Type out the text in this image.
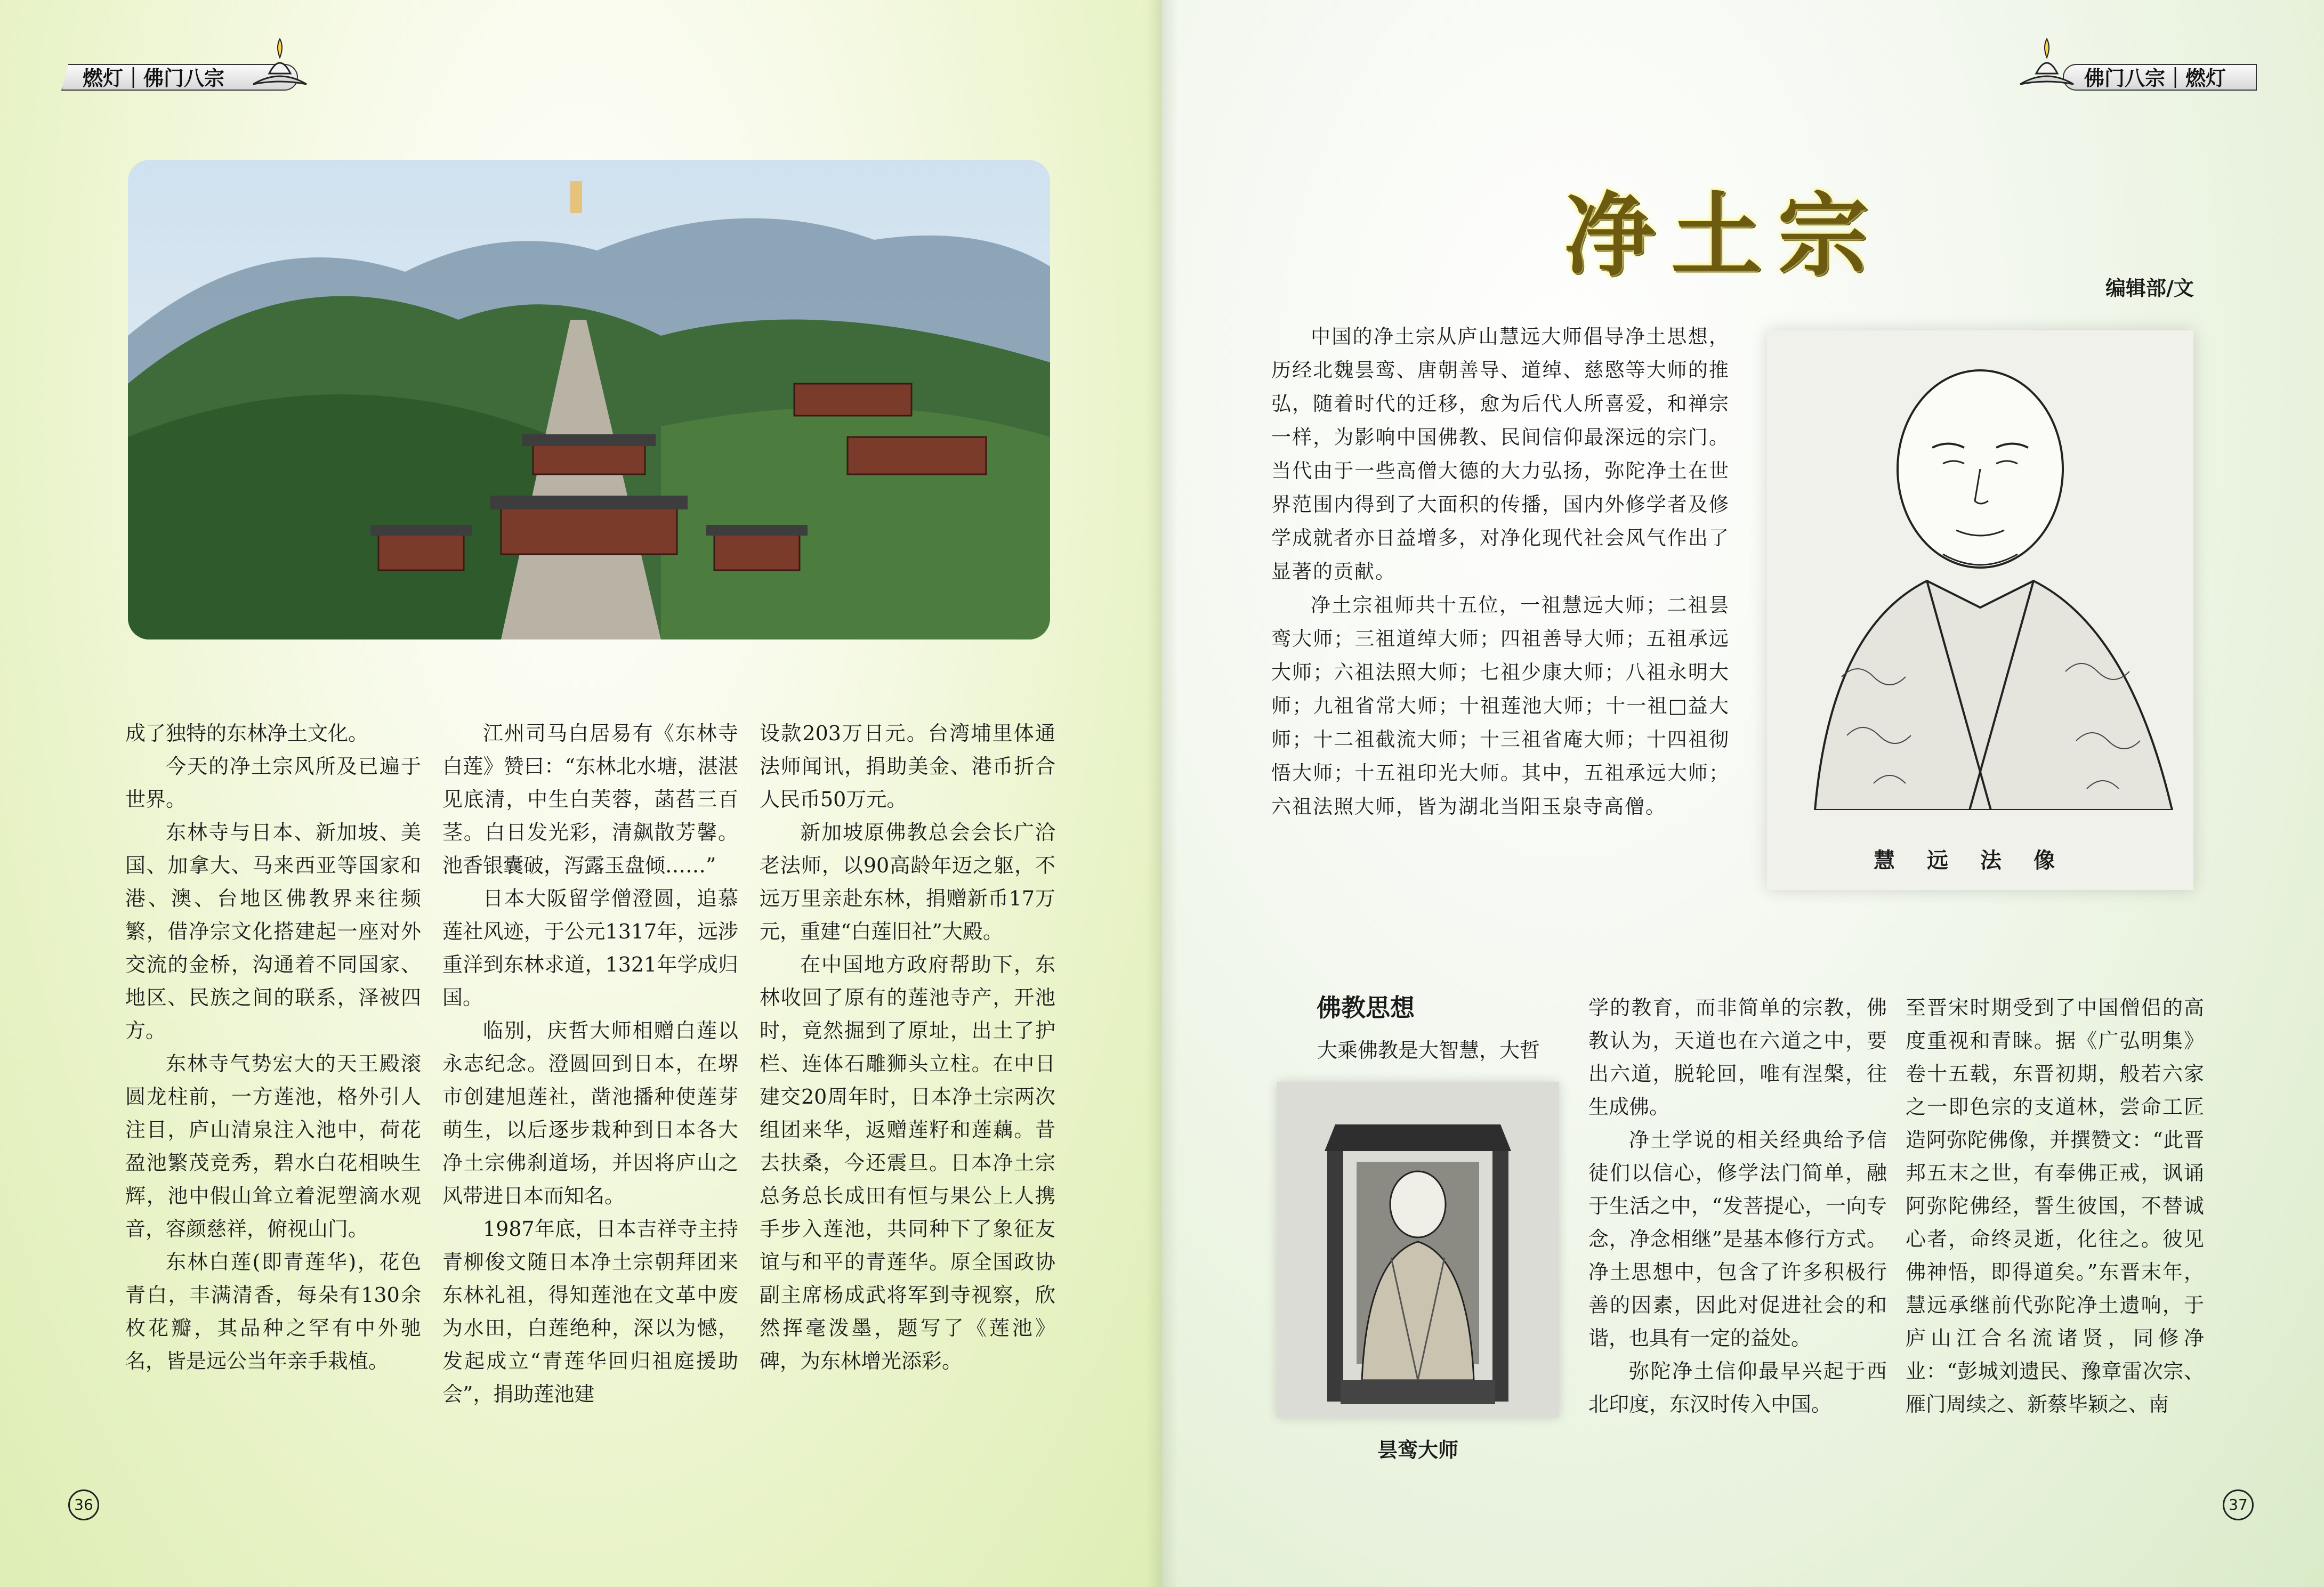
燃灯｜佛门八宗	佛门八宗｜燃灯

成了独特的东林净土文化。

今天的净土宗风所及已遍于世界。

东林寺与日本、新加坡、美国、加拿大、马来西亚等国家和港、澳、台地区佛教界来往频繁，借净宗文化搭建起一座对外交流的金桥，沟通着不同国家、地区、民族之间的联系，泽被四方。

东林寺气势宏大的天王殿滚圆龙柱前，一方莲池，格外引人注目，庐山清泉注入池中，荷花盈池繁茂竞秀，碧水白花相映生辉，池中假山耸立着泥塑滴水观音，容颜慈祥，俯视山门。

东林白莲(即青莲华)，花色青白，丰满清香，每朵有130余枚花瓣，其品种之罕有中外驰名，皆是远公当年亲手栽植。

江州司马白居易有《东林寺白莲》赞曰：“东林北水塘，湛湛见底清，中生白芙蓉，菡萏三百茎。白日发光彩，清飙散芳馨。池香银囊破，泻露玉盘倾……”

日本大阪留学僧澄圆，追慕莲社风迹，于公元1317年，远涉重洋到东林求道，1321年学成归国。

临别，庆哲大师相赠白莲以永志纪念。澄圆回到日本，在堺市创建旭莲社，凿池播种使莲芽萌生，以后逐步栽种到日本各大净土宗佛刹道场，并因将庐山之风带进日本而知名。

1987年底，日本吉祥寺主持青柳俊文随日本净土宗朝拜团来东林礼祖，得知莲池在文革中废为水田，白莲绝种，深以为憾，发起成立“青莲华回归祖庭援助会”，捐助莲池建

设款203万日元。台湾埔里体通法师闻讯，捐助美金、港币折合人民币50万元。

新加坡原佛教总会会长广洽老法师，以90高龄年迈之躯，不远万里亲赴东林，捐赠新币17万元，重建“白莲旧社”大殿。

在中国地方政府帮助下，东林收回了原有的莲池寺产，开池时，竟然掘到了原址，出土了护栏、连体石雕狮头立柱。在中日建交20周年时，日本净土宗两次组团来华，返赠莲籽和莲藕。昔去扶桑，今还震旦。日本净土宗总务总长成田有恒与果公上人携手步入莲池，共同种下了象征友谊与和平的青莲华。原全国政协副主席杨成武将军到寺视察，欣然挥毫泼墨，题写了《莲池》碑，为东林增光添彩。

36
净土宗	编辑部/文

中国的净土宗从庐山慧远大师倡导净土思想，历经北魏昙鸾、唐朝善导、道绰、慈愍等大师的推弘，随着时代的迁移，愈为后代人所喜爱，和禅宗一样，为影响中国佛教、民间信仰最深远的宗门。当代由于一些高僧大德的大力弘扬，弥陀净土在世界范围内得到了大面积的传播，国内外修学者及修学成就者亦日益增多，对净化现代社会风气作出了显著的贡献。

净土宗祖师共十五位，一祖慧远大师；二祖昙鸾大师；三祖道绰大师；四祖善导大师；五祖承远大师；六祖法照大师；七祖少康大师；八祖永明大师；九祖省常大师；十祖莲池大师；十一祖□益大师；十二祖截流大师；十三祖省庵大师；十四祖彻悟大师；十五祖印光大师。其中，五祖承远大师；六祖法照大师，皆为湖北当阳玉泉寺高僧。

慧远法像
佛教思想

大乘佛教是大智慧，大哲

昙鸾大师

学的教育，而非简单的宗教，佛教认为，天道也在六道之中，要出六道，脱轮回，唯有涅槃，往生成佛。

净土学说的相关经典给予信徒们以信心，修学法门简单，融于生活之中，“发菩提心，一向专念，净念相继”是基本修行方式。净土思想中，包含了许多积极行善的因素，因此对促进社会的和谐，也具有一定的益处。

弥陀净土信仰最早兴起于西北印度，东汉时传入中国。

至晋宋时期受到了中国僧侣的高度重视和青睐。据《广弘明集》卷十五载，东晋初期，般若六家之一即色宗的支道林，尝命工匠造阿弥陀佛像，并撰赞文：“此晋邦五末之世，有奉佛正戒，讽诵阿弥陀佛经，誓生彼国，不替诚心者，命终灵逝，化往之。彼见佛神悟，即得道矣。”东晋末年，慧远承继前代弥陀净土遗响，于庐山江合名流诸贤，同修净业：“彭城刘遗民、豫章雷次宗、雁门周续之、新蔡毕颖之、南

37
